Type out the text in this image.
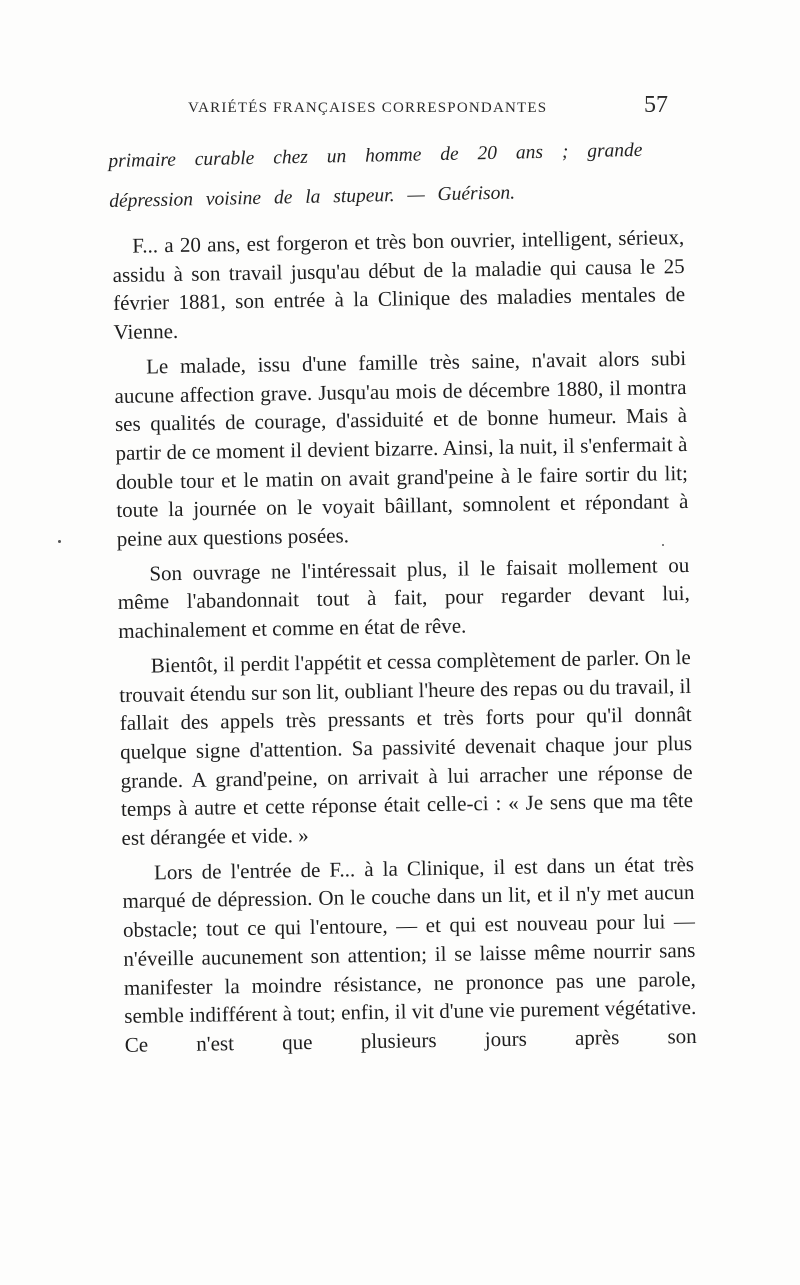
VARIÉTÉS FRANÇAISES CORRESPONDANTES	57
primaire curable chez un homme de 20 ans ; grande
dépression voisine de la stupeur. — Guérison.

F... a 20 ans, est forgeron et très bon ouvrier, intelligent, sérieux, assidu à son travail jusqu'au début de la maladie qui causa le 25 février 1881, son entrée à la Clinique des maladies mentales de Vienne.

Le malade, issu d'une famille très saine, n'avait alors subi aucune affection grave. Jusqu'au mois de décembre 1880, il montra ses qualités de courage, d'assiduité et de bonne humeur. Mais à partir de ce moment il devient bizarre. Ainsi, la nuit, il s'enfermait à double tour et le matin on avait grand'peine à le faire sortir du lit; toute la journée on le voyait bâillant, somnolent et répondant à peine aux questions posées.

Son ouvrage ne l'intéressait plus, il le faisait mollement ou même l'abandonnait tout à fait, pour regarder devant lui, machinalement et comme en état de rêve.

Bientôt, il perdit l'appétit et cessa complètement de parler. On le trouvait étendu sur son lit, oubliant l'heure des repas ou du travail, il fallait des appels très pressants et très forts pour qu'il donnât quelque signe d'attention. Sa passivité devenait chaque jour plus grande. A grand'peine, on arrivait à lui arracher une réponse de temps à autre et cette réponse était celle-ci : « Je sens que ma tête est dérangée et vide. »

Lors de l'entrée de F... à la Clinique, il est dans un état très marqué de dépression. On le couche dans un lit, et il n'y met aucun obstacle; tout ce qui l'entoure, — et qui est nouveau pour lui — n'éveille aucunement son attention; il se laisse même nourrir sans manifester la moindre résistance, ne prononce pas une parole, semble indifférent à tout; enfin, il vit d'une vie purement végétative. Ce n'est que plusieurs jours après son
